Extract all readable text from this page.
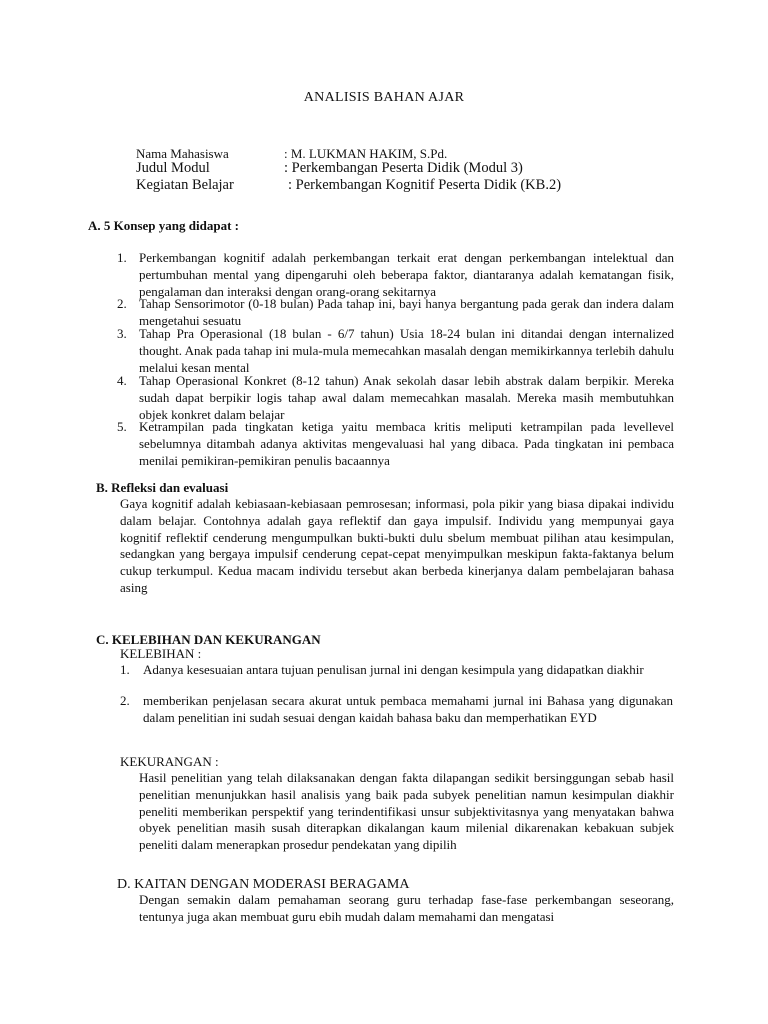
ANALISIS BAHAN AJAR
Nama Mahasiswa	: M. LUKMAN HAKIM, S.Pd.
Judul Modul	: Perkembangan Peserta Didik (Modul 3)
Kegiatan Belajar	: Perkembangan Kognitif Peserta Didik (KB.2)
A. 5 Konsep yang didapat :
1. Perkembangan kognitif adalah perkembangan terkait erat dengan perkembangan intelektual dan pertumbuhan mental yang dipengaruhi oleh beberapa faktor, diantaranya adalah kematangan fisik, pengalaman dan interaksi dengan orang-orang sekitarnya
2. Tahap Sensorimotor (0-18 bulan) Pada tahap ini, bayi hanya bergantung pada gerak dan indera dalam mengetahui sesuatu
3. Tahap Pra Operasional (18 bulan - 6/7 tahun) Usia 18-24 bulan ini ditandai dengan internalized thought. Anak pada tahap ini mula-mula memecahkan masalah dengan memikirkannya terlebih dahulu melalui kesan mental
4. Tahap Operasional Konkret (8-12 tahun) Anak sekolah dasar lebih abstrak dalam berpikir. Mereka sudah dapat berpikir logis tahap awal dalam memecahkan masalah. Mereka masih membutuhkan objek konkret dalam belajar
5. Ketrampilan pada tingkatan ketiga yaitu membaca kritis meliputi ketrampilan pada levellevel sebelumnya ditambah adanya aktivitas mengevaluasi hal yang dibaca. Pada tingkatan ini pembaca menilai pemikiran-pemikiran penulis bacaannya
B. Refleksi dan evaluasi
Gaya kognitif adalah kebiasaan-kebiasaan pemrosesan; informasi, pola pikir yang biasa dipakai individu dalam belajar. Contohnya adalah gaya reflektif dan gaya impulsif. Individu yang mempunyai gaya kognitif reflektif cenderung mengumpulkan bukti-bukti dulu sbelum membuat pilihan atau kesimpulan, sedangkan yang bergaya impulsif cenderung cepat-cepat menyimpulkan meskipun fakta-faktanya belum cukup terkumpul. Kedua macam individu tersebut akan berbeda kinerjanya dalam pembelajaran bahasa asing
C. KELEBIHAN DAN KEKURANGAN
KELEBIHAN :
1. Adanya kesesuaian antara tujuan penulisan jurnal ini dengan kesimpula yang didapatkan diakhir
2. memberikan penjelasan secara akurat untuk pembaca memahami jurnal ini Bahasa yang digunakan dalam penelitian ini sudah sesuai dengan kaidah bahasa baku dan memperhatikan EYD
KEKURANGAN :
Hasil penelitian yang telah dilaksanakan dengan fakta dilapangan sedikit bersinggungan sebab hasil penelitian menunjukkan hasil analisis yang baik pada subyek penelitian namun kesimpulan diakhir peneliti memberikan perspektif yang terindentifikasi unsur subjektivitasnya yang menyatakan bahwa obyek penelitian masih susah diterapkan dikalangan kaum milenial dikarenakan kebakuan subjek peneliti dalam menerapkan prosedur pendekatan yang dipilih
D. KAITAN DENGAN MODERASI BERAGAMA
Dengan semakin dalam pemahaman seorang guru terhadap fase-fase perkembangan seseorang, tentunya juga akan membuat guru ebih mudah dalam memahami dan mengatasi
